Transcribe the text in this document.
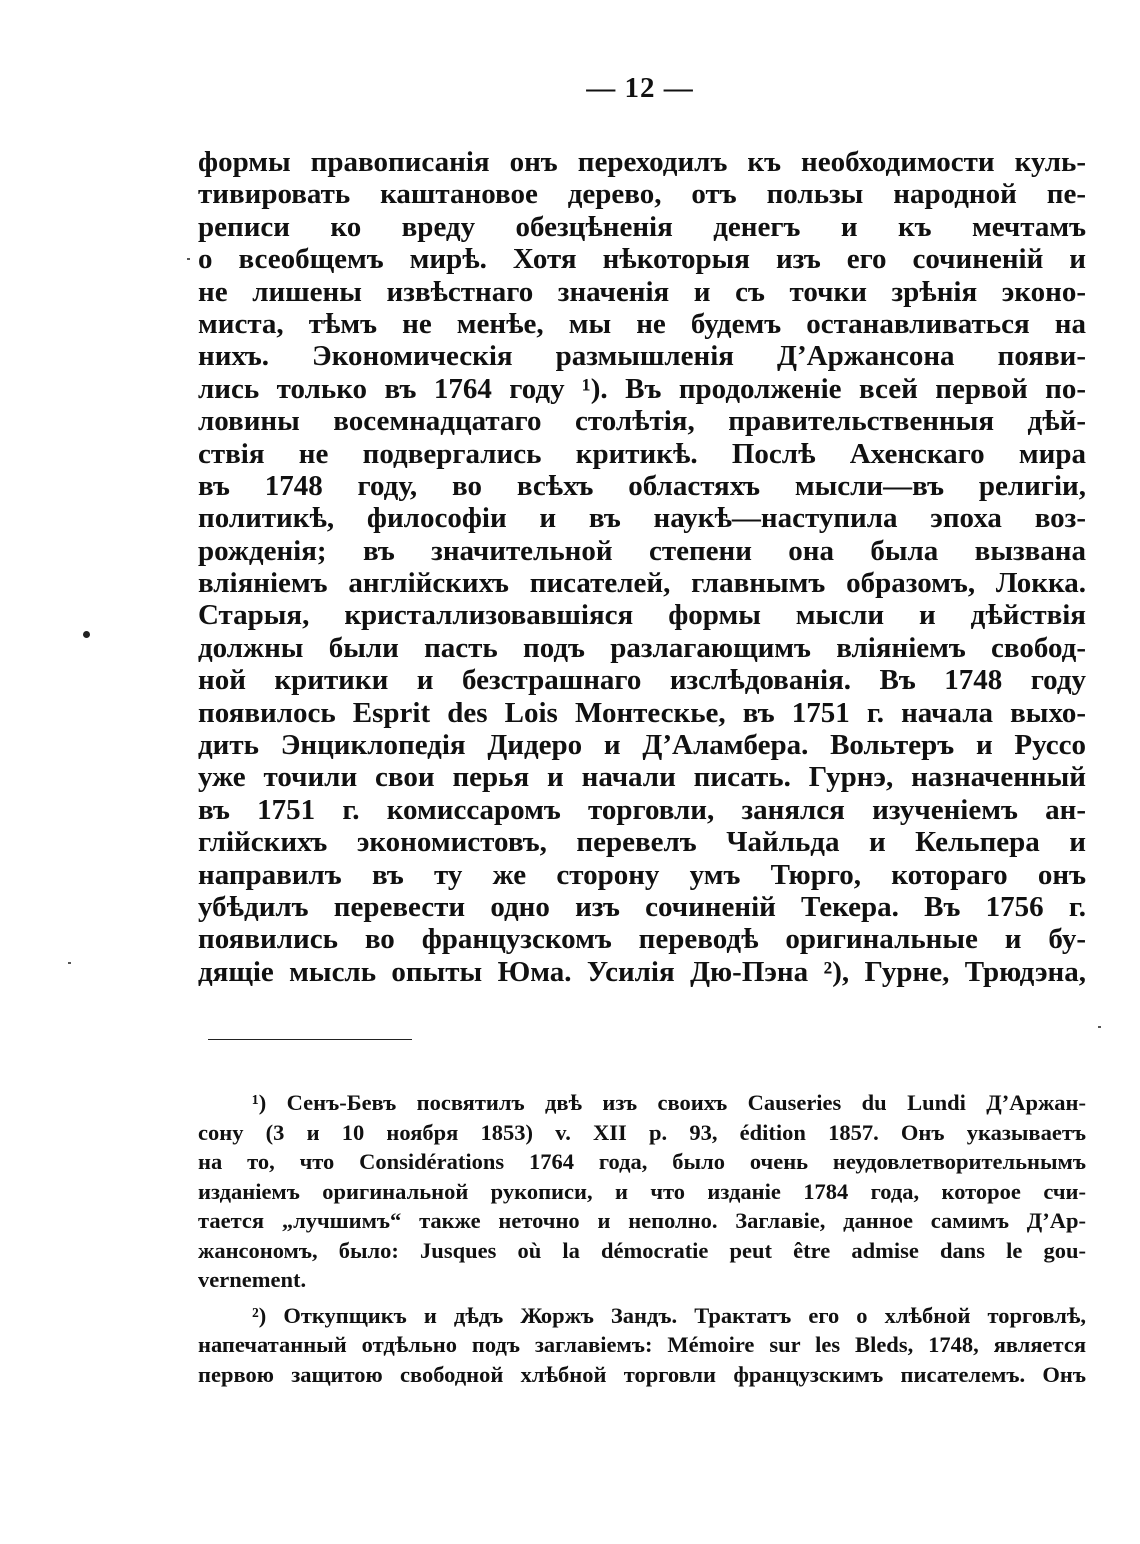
— 12 —
формы правописанія онъ переходилъ къ необходимости куль-
тивировать каштановое дерево, отъ пользы народной пе-
реписи ко вреду обезцѣненія денегъ и къ мечтамъ
о всеобщемъ мирѣ. Хотя нѣкоторыя изъ его сочиненій и
не лишены извѣстнаго значенія и съ точки зрѣнія эконо-
миста, тѣмъ не менѣе, мы не будемъ останавливаться на
нихъ. Экономическія размышленія Д’Аржансона появи-
лись только въ 1764 году ¹). Въ продолженіе всей первой по-
ловины восемнадцатаго столѣтія, правительственныя дѣй-
ствія не подвергались критикѣ. Послѣ Ахенскаго мира
въ 1748 году, во всѣхъ областяхъ мысли—въ религіи,
политикѣ, философіи и въ наукѣ—наступила эпоха воз-
рожденія; въ значительной степени она была вызвана
вліяніемъ англійскихъ писателей, главнымъ образомъ, Локка.
Старыя, кристаллизовавшіяся формы мысли и дѣйствія
должны были пасть подъ разлагающимъ вліяніемъ свобод-
ной критики и безстрашнаго изслѣдованія. Въ 1748 году
появилось Esprit des Lois Монтескье, въ 1751 г. начала выхо-
дить Энциклопедія Дидеро и Д’Аламбера. Вольтеръ и Руссо
уже точили свои перья и начали писать. Гурнэ, назначенный
въ 1751 г. комиссаромъ торговли, занялся изученіемъ ан-
глійскихъ экономистовъ, перевелъ Чайльда и Кельпера и
направилъ въ ту же сторону умъ Тюрго, котораго онъ
убѣдилъ перевести одно изъ сочиненій Текера. Въ 1756 г.
появились во французскомъ переводѣ оригинальные и бу-
дящіе мысль опыты Юма. Усилія Дю-Пэна ²), Гурне, Трюдэна,
¹) Сенъ-Бевъ посвятилъ двѣ изъ своихъ Causeries du Lundi Д’Аржан-
сону (3 и 10 ноября 1853) v. XII p. 93, édition 1857. Онъ указываетъ
на то, что Considérations 1764 года, было очень неудовлетворительнымъ
изданіемъ оригинальной рукописи, и что изданіе 1784 года, которое счи-
тается „лучшимъ“ также неточно и неполно. Заглавіе, данное самимъ Д’Ар-
жансономъ, было: Jusques où la démocratie peut être admise dans le gou-
vernement.
²) Откупщикъ и дѣдъ Жоржъ Зандъ. Трактатъ его о хлѣбной торговлѣ,
напечатанный отдѣльно подъ заглавіемъ: Mémoire sur les Bleds, 1748, является
первою защитою свободной хлѣбной торговли французскимъ писателемъ. Онъ
